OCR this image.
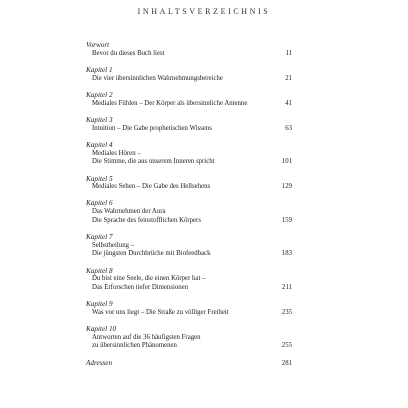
INHALTSVERZEICHNIS

Vorwort

Bevor du dieses Buch liest	11

Kapitel 1

Die vier übersinnlichen Wahrnehmungsbereiche	21

Kapitel 2

Mediales Fühlen – Der Körper als übersinnliche Antenne	41

Kapitel 3

Intuition – Die Gabe prophetischen Wissens	63

Kapitel 4

Mediales Hören –

Die Stimme, die aus unserem Inneren spricht	101

Kapitel 5

Mediales Sehen – Die Gabe des Hellsehens	129

Kapitel 6

Das Wahrnehmen der Aura

Die Sprache des feinstofflichen Körpers	159

Kapitel 7

Selbstheilung –

Die jüngsten Durchbrüche mit Biofeedback	183

Kapitel 8

Du bist eine Seele, die einen Körper hat –

Das Erforschen tiefer Dimensionen	211

Kapitel 9

Was vor uns liegt – Die Straße zu völliger Freiheit	235

Kapitel 10

Antworten auf die 36 häufigsten Fragen

zu übersinnlichen Phänomenen	255

Adressen	281
